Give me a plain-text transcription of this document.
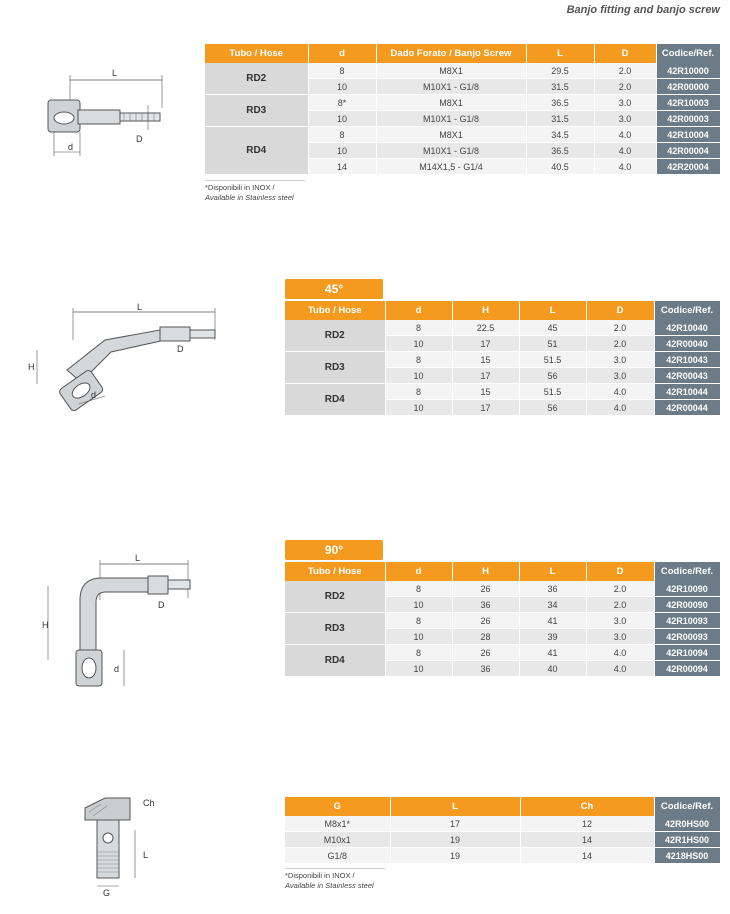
Banjo fitting and banjo screw
L
D
d
Tubo / Hose	d	Dado Forato / Banjo Screw	L	D	Codice/Ref.
RD2	8	M8X1	29.5	2.0	42R10000
	10	M10X1 - G1/8	31.5	2.0	42R00000
RD3	8*	M8X1	36.5	3.0	42R10003
	10	M10X1 - G1/8	31.5	3.0	42R00003
RD4	8	M8X1	34.5	4.0	42R10004
	10	M10X1 - G1/8	36.5	4.0	42R00004
	14	M14X1,5 - G1/4	40.5	4.0	42R20004
*Disponibili in INOX /
Available in Stainless steel
L
H
D
d
45°
Tubo / Hose	d	H	L	D	Codice/Ref.
RD2	8	22.5	45	2.0	42R10040
	10	17	51	2.0	42R00040
RD3	8	15	51.5	3.0	42R10043
	10	17	56	3.0	42R00043
RD4	8	15	51.5	4.0	42R10044
	10	17	56	4.0	42R00044
L
H
D
d
90°
Tubo / Hose	d	H	L	D	Codice/Ref.
RD2	8	26	36	2.0	42R10090
	10	36	34	2.0	42R00090
RD3	8	26	41	3.0	42R10093
	10	28	39	3.0	42R00093
RD4	8	26	41	4.0	42R10094
	10	36	40	4.0	42R00094
Ch
L
G
G	L	Ch	Codice/Ref.
M8x1*	17	12	42R0HS00
M10x1	19	14	42R1HS00
G1/8	19	14	4218HS00
*Disponibili in INOX /
Available in Stainless steel
